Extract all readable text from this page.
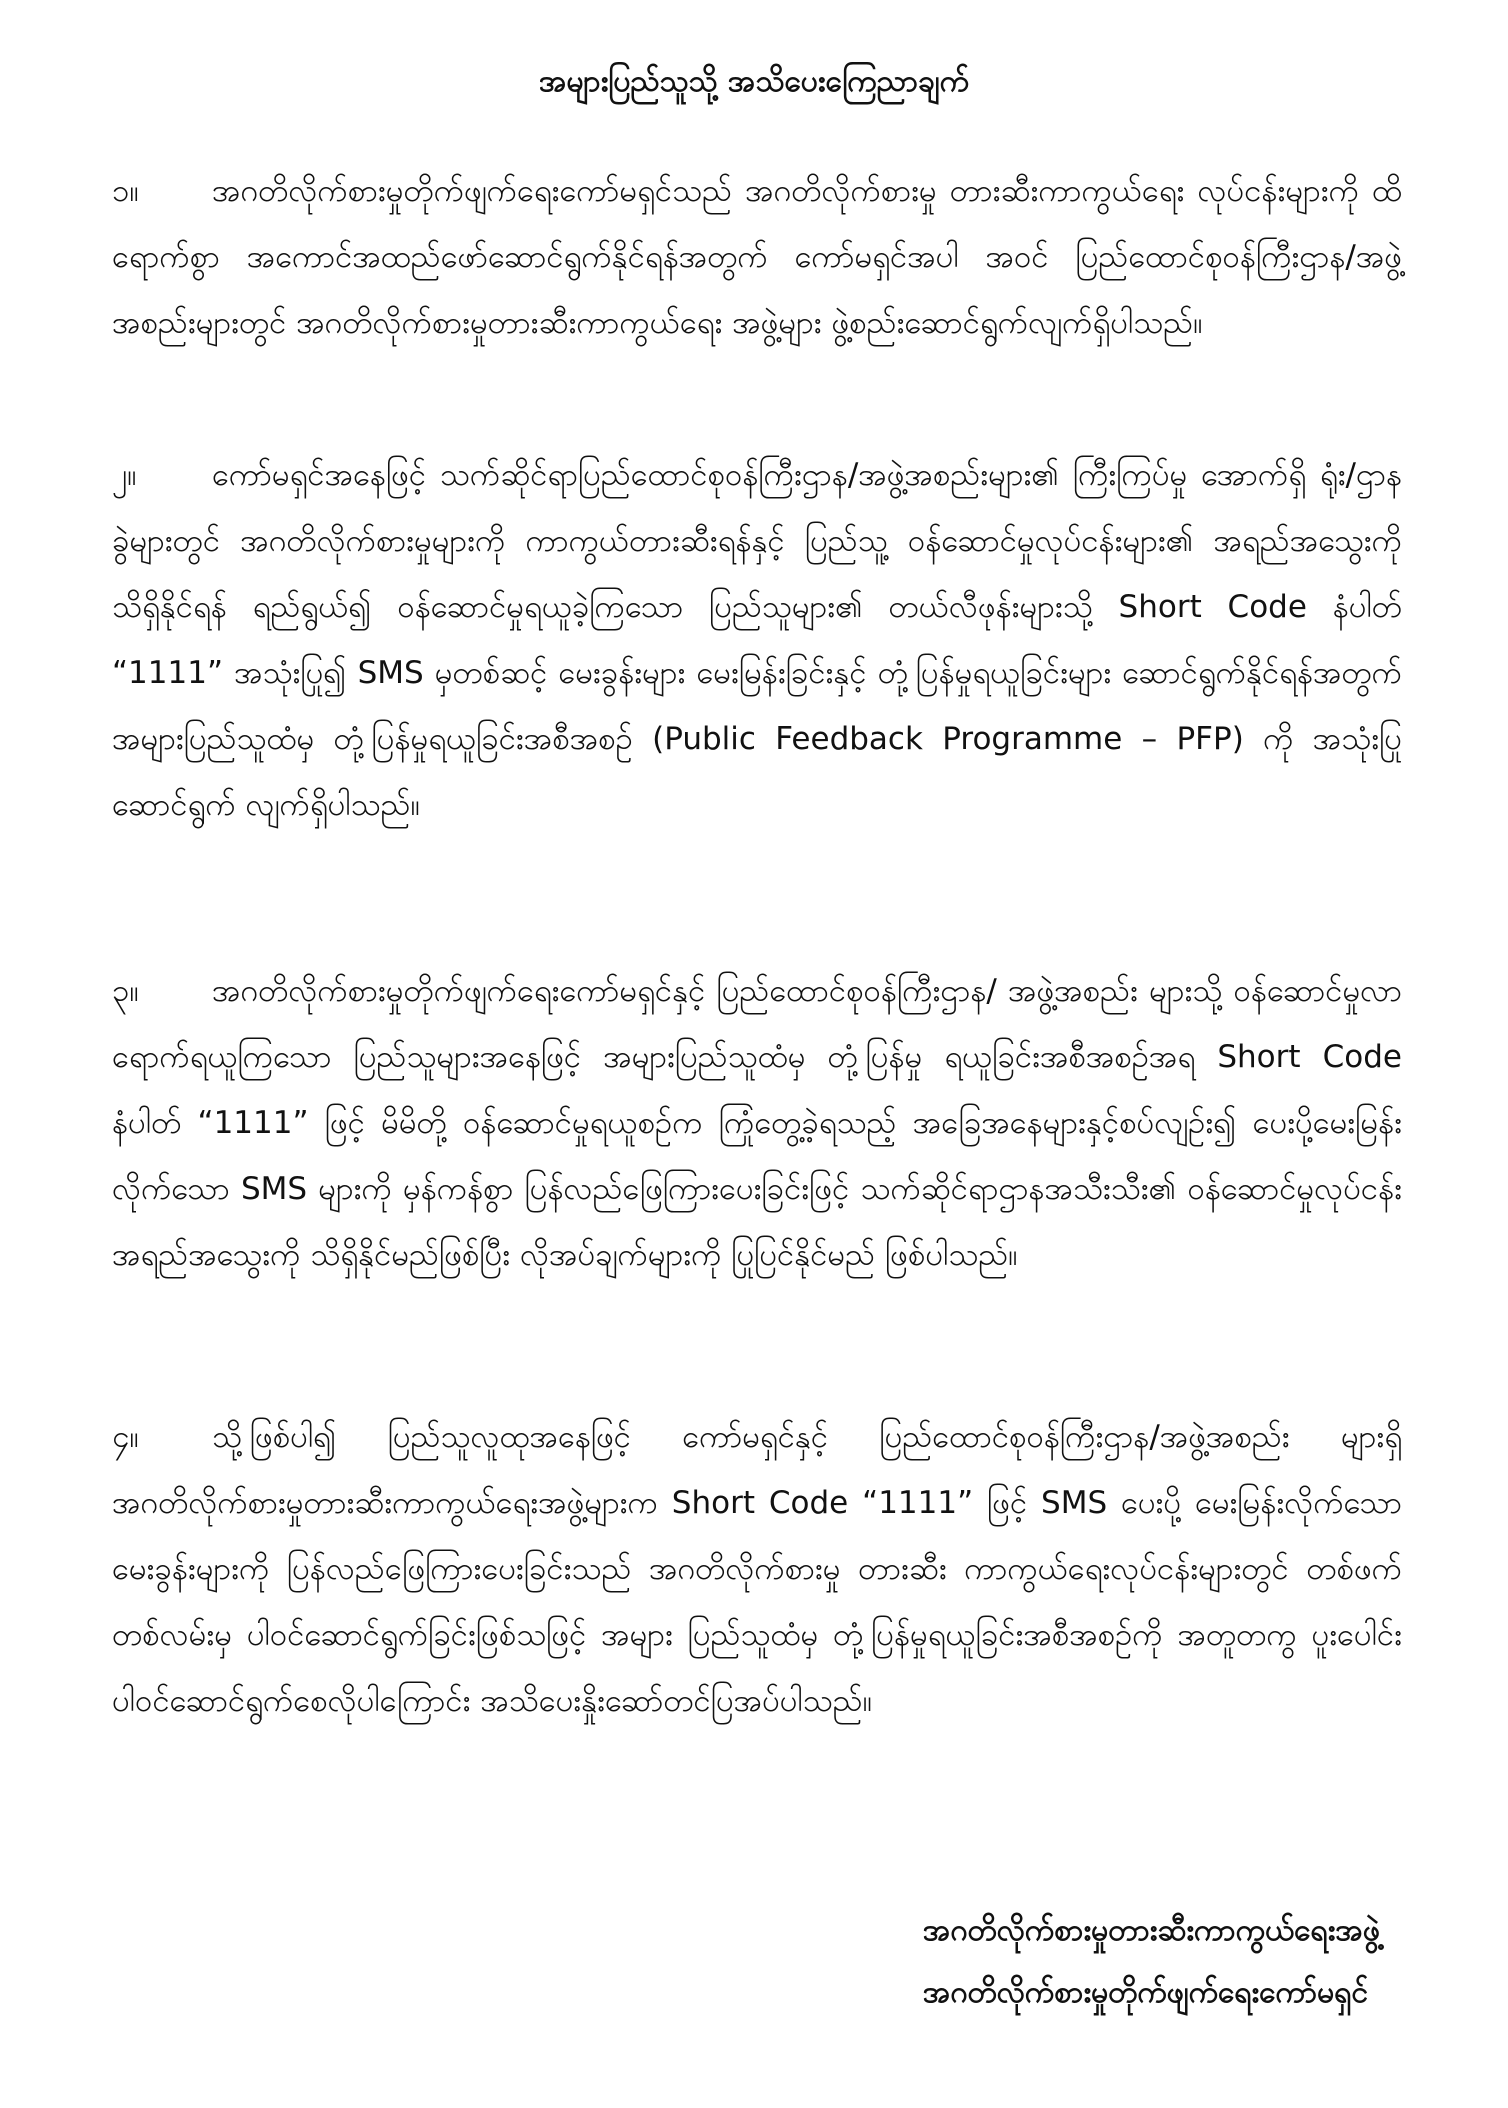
အများပြည်သူသို့ အသိပေးကြေညာချက်

၁။ အဂတိလိုက်စားမှုတိုက်ဖျက်ရေးကော်မရှင်သည် အဂတိလိုက်စားမှု တားဆီးကာကွယ်ရေး လုပ်ငန်းများကို ထိရောက်စွာ အကောင်အထည်ဖော်ဆောင်ရွက်နိုင်ရန်အတွက် ကော်မရှင်အပါ အဝင် ပြည်ထောင်စုဝန်ကြီးဌာန/အဖွဲ့အစည်းများတွင် အဂတိလိုက်စားမှုတားဆီးကာကွယ်ရေး အဖွဲ့များ ဖွဲ့စည်းဆောင်ရွက်လျက်ရှိပါသည်။

၂။ ကော်မရှင်အနေဖြင့် သက်ဆိုင်ရာပြည်ထောင်စုဝန်ကြီးဌာန/အဖွဲ့အစည်းများ၏ ကြီးကြပ်မှု အောက်ရှိ ရုံး/ဌာနခွဲများတွင် အဂတိလိုက်စားမှုများကို ကာကွယ်တားဆီးရန်နှင့် ပြည်သူ့ ဝန်ဆောင်မှုလုပ်ငန်းများ၏ အရည်အသွေးကို သိရှိနိုင်ရန် ရည်ရွယ်၍ ဝန်ဆောင်မှုရယူခဲ့ကြသော ပြည်သူများ၏ တယ်လီဖုန်းများသို့ Short Code နံပါတ် “1111” အသုံးပြု၍ SMS မှတစ်ဆင့် မေးခွန်းများ မေးမြန်းခြင်းနှင့် တုံ့ပြန်မှုရယူခြင်းများ ဆောင်ရွက်နိုင်ရန်အတွက် အများပြည်သူထံမှ တုံ့ပြန်မှုရယူခြင်းအစီအစဉ် (Public Feedback Programme – PFP) ကို အသုံးပြုဆောင်ရွက် လျက်ရှိပါသည်။

၃။ အဂတိလိုက်စားမှုတိုက်ဖျက်ရေးကော်မရှင်နှင့် ပြည်ထောင်စုဝန်ကြီးဌာန/ အဖွဲ့အစည်း များသို့ ဝန်ဆောင်မှုလာရောက်ရယူကြသော ပြည်သူများအနေဖြင့် အများပြည်သူထံမှ တုံ့ပြန်မှု ရယူခြင်းအစီအစဉ်အရ Short Code နံပါတ် “1111” ဖြင့် မိမိတို့ ဝန်ဆောင်မှုရယူစဉ်က ကြုံတွေ့ခဲ့ရသည့် အခြေအနေများနှင့်စပ်လျဉ်း၍ ပေးပို့မေးမြန်းလိုက်သော SMS များကို မှန်ကန်စွာ ပြန်လည်ဖြေကြားပေးခြင်းဖြင့် သက်ဆိုင်ရာဌာနအသီးသီး၏ ဝန်ဆောင်မှုလုပ်ငန်း အရည်အသွေးကို သိရှိနိုင်မည်ဖြစ်ပြီး လိုအပ်ချက်များကို ပြုပြင်နိုင်မည် ဖြစ်ပါသည်။

၄။ သို့ဖြစ်ပါ၍ ပြည်သူလူထုအနေဖြင့် ကော်မရှင်နှင့် ပြည်ထောင်စုဝန်ကြီးဌာန/အဖွဲ့အစည်း များရှိ အဂတိလိုက်စားမှုတားဆီးကာကွယ်ရေးအဖွဲ့များက Short Code “1111” ဖြင့် SMS ပေးပို့ မေးမြန်းလိုက်သောမေးခွန်းများကို ပြန်လည်ဖြေကြားပေးခြင်းသည် အဂတိလိုက်စားမှု တားဆီး ကာကွယ်ရေးလုပ်ငန်းများတွင် တစ်ဖက်တစ်လမ်းမှ ပါဝင်ဆောင်ရွက်ခြင်းဖြစ်သဖြင့် အများ ပြည်သူထံမှ တုံ့ပြန်မှုရယူခြင်းအစီအစဉ်ကို အတူတကွ ပူးပေါင်းပါဝင်ဆောင်ရွက်စေလိုပါကြောင်း အသိပေးနှိုးဆော်တင်ပြအပ်ပါသည်။

အဂတိလိုက်စားမှုတားဆီးကာကွယ်ရေးအဖွဲ့
အဂတိလိုက်စားမှုတိုက်ဖျက်ရေးကော်မရှင်
